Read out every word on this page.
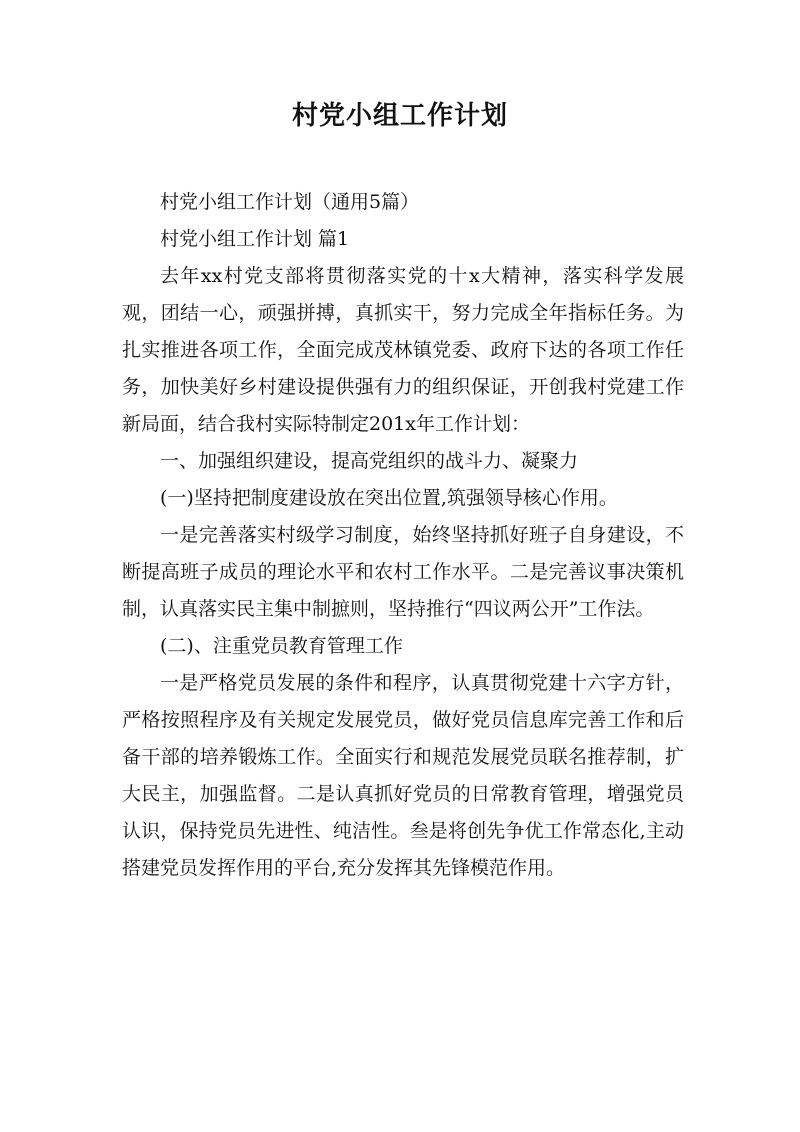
村党小组工作计划

村党小组工作计划（通用5篇）

村党小组工作计划 篇1

去年xx村党支部将贯彻落实党的十x大精神，落实科学发展观，团结一心，顽强拼搏，真抓实干，努力完成全年指标任务。为扎实推进各项工作，全面完成茂林镇党委、政府下达的各项工作任务，加快美好乡村建设提供强有力的组织保证，开创我村党建工作新局面，结合我村实际特制定201x年工作计划：

一、加强组织建设，提高党组织的战斗力、凝聚力

(一)坚持把制度建设放在突出位置,筑强领导核心作用。

一是完善落实村级学习制度，始终坚持抓好班子自身建设，不断提高班子成员的理论水平和农村工作水平。二是完善议事决策机制，认真落实民主集中制摭则，坚持推行“四议两公开”工作法。

(二)、注重党员教育管理工作

一是严格党员发展的条件和程序，认真贯彻党建十六字方针，严格按照程序及有关规定发展党员，做好党员信息库完善工作和后备干部的培养锻炼工作。全面实行和规范发展党员联名推荐制，扩大民主，加强监督。二是认真抓好党员的日常教育管理，增强党员认识，保持党员先进性、纯洁性。叁是将创先争优工作常态化,主动搭建党员发挥作用的平台,充分发挥其先锋模范作用。
